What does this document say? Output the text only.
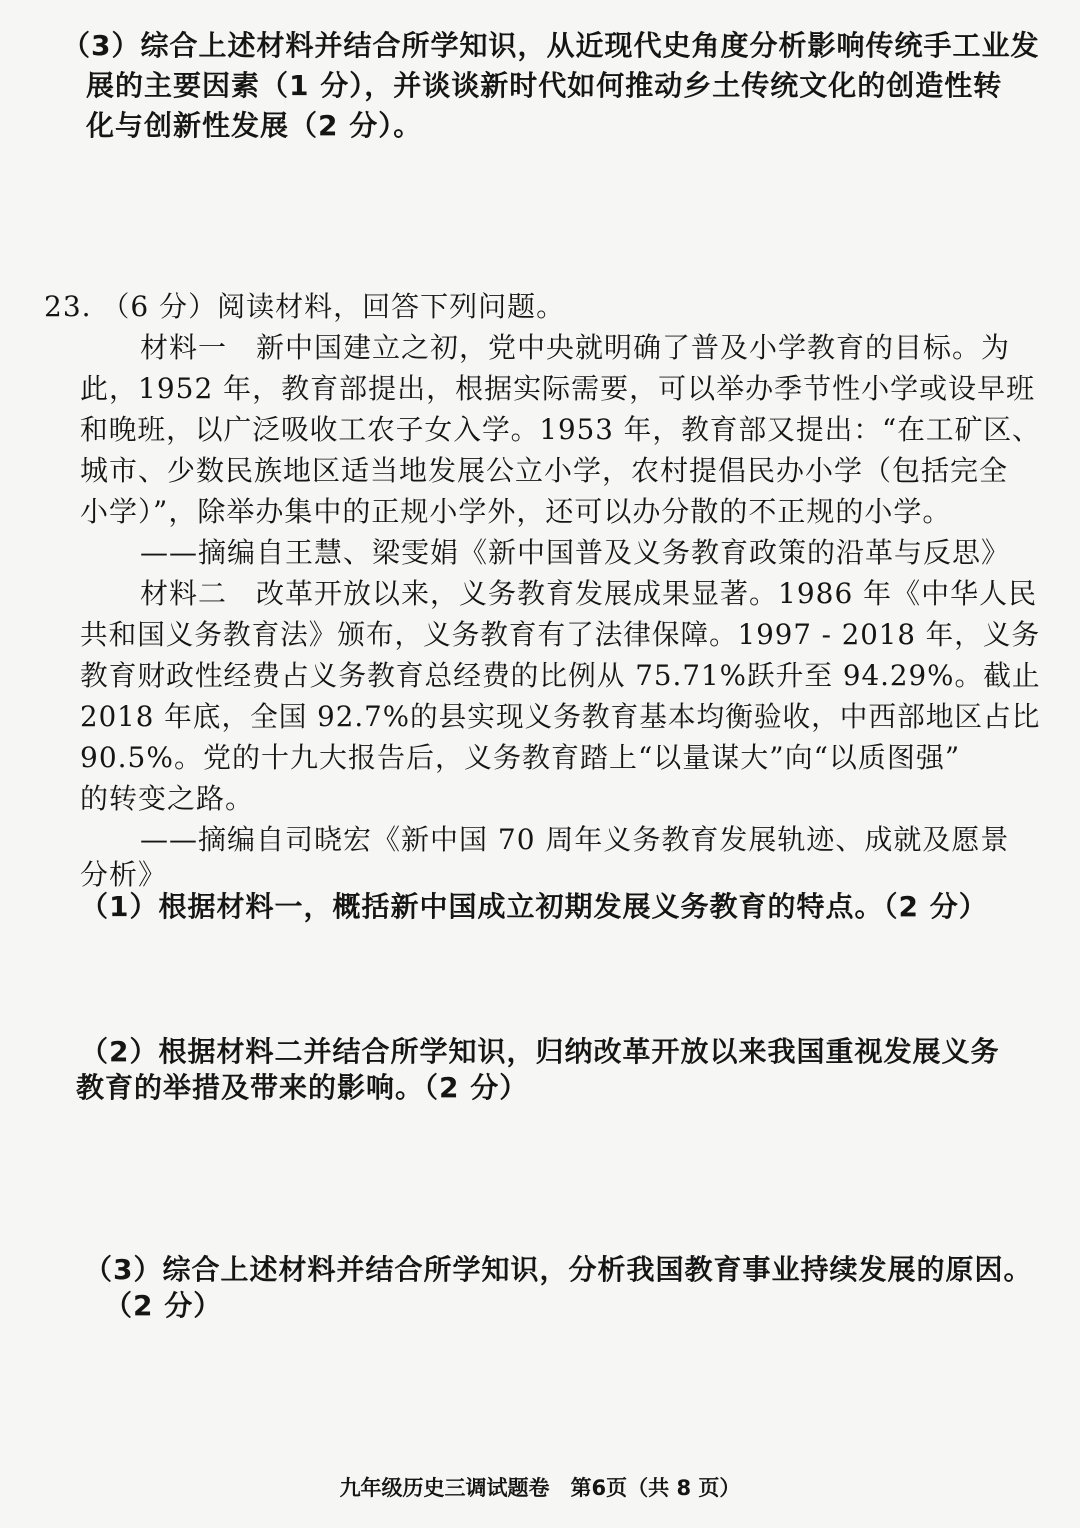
（3）综合上述材料并结合所学知识，从近现代史角度分析影响传统手工业发
展的主要因素（1 分），并谈谈新时代如何推动乡土传统文化的创造性转
化与创新性发展（2 分）。
23. （6 分）阅读材料，回答下列问题。
材料一　新中国建立之初，党中央就明确了普及小学教育的目标。为
此，1952 年，教育部提出，根据实际需要，可以举办季节性小学或设早班
和晚班，以广泛吸收工农子女入学。1953 年，教育部又提出：“在工矿区、
城市、少数民族地区适当地发展公立小学，农村提倡民办小学（包括完全
小学）”，除举办集中的正规小学外，还可以办分散的不正规的小学。
——摘编自王慧、梁雯娟《新中国普及义务教育政策的沿革与反思》
材料二　改革开放以来，义务教育发展成果显著。1986 年《中华人民
共和国义务教育法》颁布，义务教育有了法律保障。1997 - 2018 年，义务
教育财政性经费占义务教育总经费的比例从 75.71%跃升至 94.29%。截止
2018 年底，全国 92.7%的县实现义务教育基本均衡验收，中西部地区占比
90.5%。党的十九大报告后，义务教育踏上“以量谋大”向“以质图强”
的转变之路。
——摘编自司晓宏《新中国 70 周年义务教育发展轨迹、成就及愿景
分析》
（1）根据材料一，概括新中国成立初期发展义务教育的特点。（2 分）
（2）根据材料二并结合所学知识，归纳改革开放以来我国重视发展义务
教育的举措及带来的影响。（2 分）
（3）综合上述材料并结合所学知识，分析我国教育事业持续发展的原因。
（2 分）
九年级历史三调试题卷　第6页（共 8 页）
